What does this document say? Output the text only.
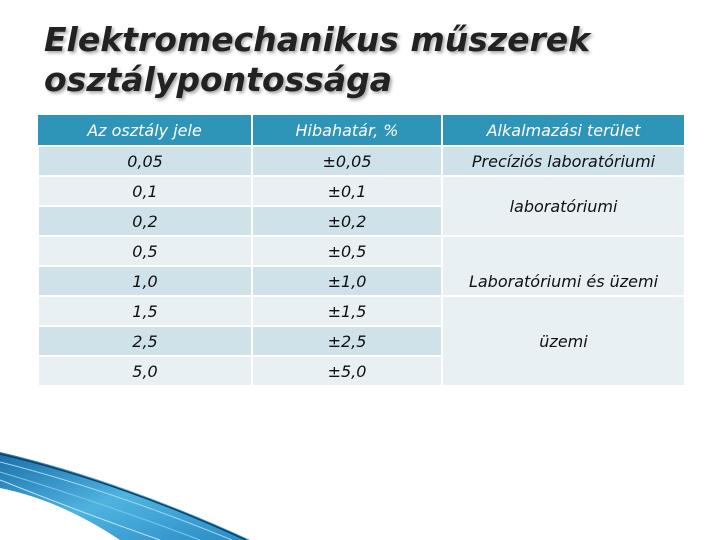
Elektromechanikus műszerek
osztálypontossága
Az osztály jele	Hibahatár, %	Alkalmazási terület
0,05	±0,05	Precíziós laboratóriumi
0,1	±0,1	laboratóriumi
0,2	±0,2	
0,5	±0,5	Laboratóriumi és üzemi
1,0	±1,0	
1,5	±1,5	üzemi
2,5	±2,5	
5,0	±5,0	
